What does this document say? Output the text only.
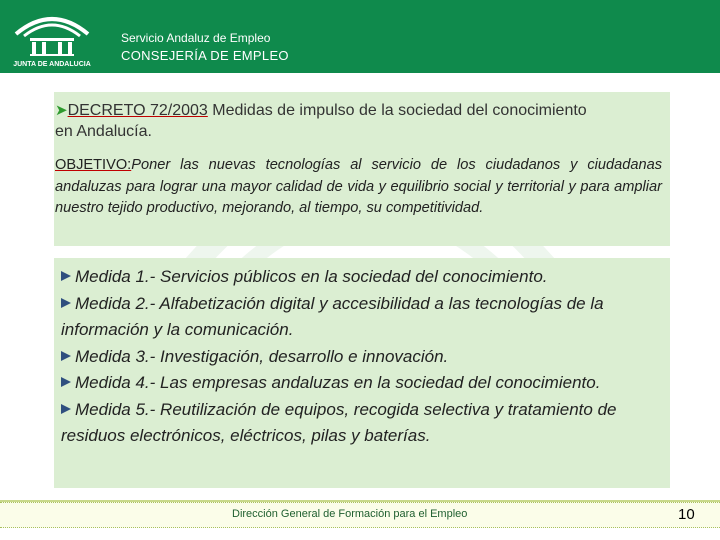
JUNTA DE ANDALUCIA
Servicio Andaluz de Empleo
CONSEJERÍA DE EMPLEO
➤DECRETO 72/2003 Medidas de impulso de la sociedad del conocimiento
en Andalucía.
OBJETIVO:Poner las nuevas tecnologías al servicio de los ciudadanos y ciudadanas andaluzas para lograr una mayor calidad de vida y equilibrio social y territorial y para ampliar nuestro tejido productivo, mejorando, al tiempo, su competitividad.

Medida 1.- Servicios públicos en la sociedad del conocimiento.

Medida 2.- Alfabetización digital y accesibilidad a las tecnologías de la información y la comunicación.

Medida 3.- Investigación, desarrollo e innovación.

Medida 4.- Las empresas andaluzas en la sociedad del conocimiento.

Medida 5.- Reutilización de equipos, recogida selectiva y tratamiento de residuos electrónicos, eléctricos, pilas y baterías.

Dirección General de Formación para el Empleo	10
